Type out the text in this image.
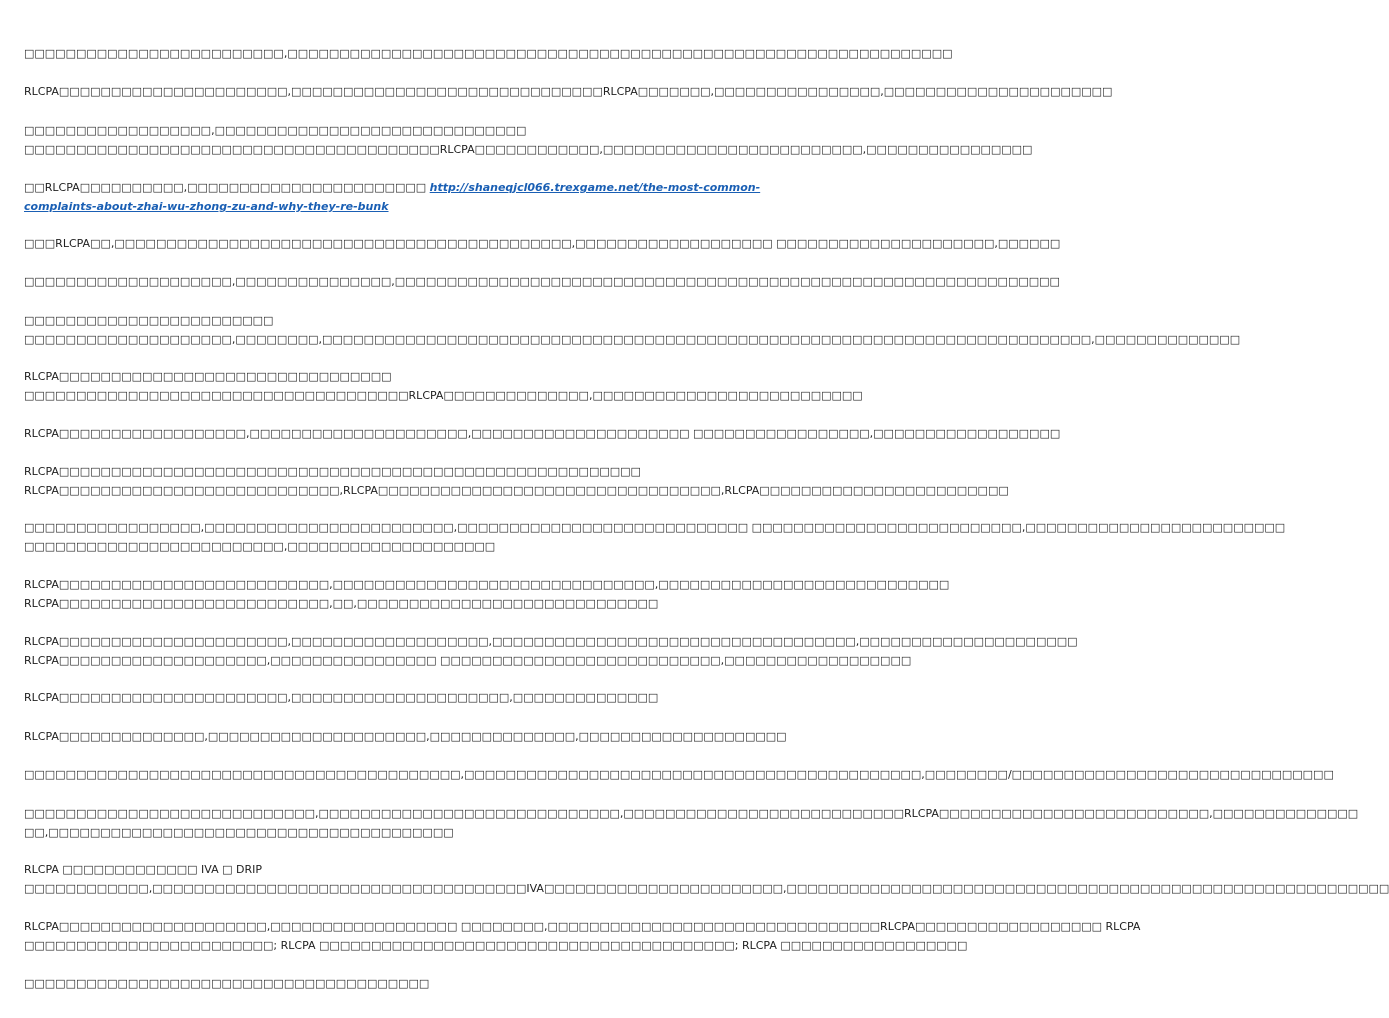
□□□□□□□□□□□□□□□□□□□□□□□□□,□□□□□□□□□□□□□□□□□□□□□□□□□□□□□□□□□□□□□□□□□□□□□□□□□□□□□□□□□□□□□□□□
RLCPA□□□□□□□□□□□□□□□□□□□□□□,□□□□□□□□□□□□□□□□□□□□□□□□□□□□□□RLCPA□□□□□□□,□□□□□□□□□□□□□□□□,□□□□□□□□□□□□□□□□□□□□□□
□□□□□□□□□□□□□□□□□□,□□□□□□□□□□□□□□□□□□□□□□□□□□□□□□
□□□□□□□□□□□□□□□□□□□□□□□□□□□□□□□□□□□□□□□□RLCPA□□□□□□□□□□□□,□□□□□□□□□□□□□□□□□□□□□□□□□,□□□□□□□□□□□□□□□□
□□RLCPA□□□□□□□□□□,□□□□□□□□□□□□□□□□□□□□□□□ http://shaneqjcl066.trexgame.net/the-most-common-
complaints-about-zhai-wu-zhong-zu-and-why-they-re-bunk
□□□RLCPA□□,□□□□□□□□□□□□□□□□□□□□□□□□□□□□□□□□□□□□□□□□□□□□,□□□□□□□□□□□□□□□□□□□ □□□□□□□□□□□□□□□□□□□□□,□□□□□□
□□□□□□□□□□□□□□□□□□□□,□□□□□□□□□□□□□□□,□□□□□□□□□□□□□□□□□□□□□□□□□□□□□□□□□□□□□□□□□□□□□□□□□□□□□□□□□□□□□□□□
□□□□□□□□□□□□□□□□□□□□□□□□
□□□□□□□□□□□□□□□□□□□□,□□□□□□□□,□□□□□□□□□□□□□□□□□□□□□□□□□□□□□□□□□□□□□□□□□□□□□□□□□□□□□□□□□□□□□□□□□□□□□□□□□□,□□□□□□□□□□□□□□
RLCPA□□□□□□□□□□□□□□□□□□□□□□□□□□□□□□□□
□□□□□□□□□□□□□□□□□□□□□□□□□□□□□□□□□□□□□RLCPA□□□□□□□□□□□□□□,□□□□□□□□□□□□□□□□□□□□□□□□□□
RLCPA□□□□□□□□□□□□□□□□□□,□□□□□□□□□□□□□□□□□□□□□,□□□□□□□□□□□□□□□□□□□□□ □□□□□□□□□□□□□□□□□,□□□□□□□□□□□□□□□□□□
RLCPA□□□□□□□□□□□□□□□□□□□□□□□□□□□□□□□□□□□□□□□□□□□□□□□□□□□□□□□□
RLCPA□□□□□□□□□□□□□□□□□□□□□□□□□□□,RLCPA□□□□□□□□□□□□□□□□□□□□□□□□□□□□□□□□□,RLCPA□□□□□□□□□□□□□□□□□□□□□□□□
□□□□□□□□□□□□□□□□□,□□□□□□□□□□□□□□□□□□□□□□□□,□□□□□□□□□□□□□□□□□□□□□□□□□□□□ □□□□□□□□□□□□□□□□□□□□□□□□□□,□□□□□□□□□□□□□□□□□□□□□□□□□
□□□□□□□□□□□□□□□□□□□□□□□□□,□□□□□□□□□□□□□□□□□□□□
RLCPA□□□□□□□□□□□□□□□□□□□□□□□□□□,□□□□□□□□□□□□□□□□□□□□□□□□□□□□□□□,□□□□□□□□□□□□□□□□□□□□□□□□□□□□
RLCPA□□□□□□□□□□□□□□□□□□□□□□□□□□,□□,□□□□□□□□□□□□□□□□□□□□□□□□□□□□□
RLCPA□□□□□□□□□□□□□□□□□□□□□□,□□□□□□□□□□□□□□□□□□□,□□□□□□□□□□□□□□□□□□□□□□□□□□□□□□□□□□□,□□□□□□□□□□□□□□□□□□□□□
RLCPA□□□□□□□□□□□□□□□□□□□□,□□□□□□□□□□□□□□□□ □□□□□□□□□□□□□□□□□□□□□□□□□□□,□□□□□□□□□□□□□□□□□□
RLCPA□□□□□□□□□□□□□□□□□□□□□□,□□□□□□□□□□□□□□□□□□□□□,□□□□□□□□□□□□□□
RLCPA□□□□□□□□□□□□□□,□□□□□□□□□□□□□□□□□□□□□,□□□□□□□□□□□□□□,□□□□□□□□□□□□□□□□□□□□
□□□□□□□□□□□□□□□□□□□□□□□□□□□□□□□□□□□□□□□□□□,□□□□□□□□□□□□□□□□□□□□□□□□□□□□□□□□□□□□□□□□□□□□,□□□□□□□□/□□□□□□□□□□□□□□□□□□□□□□□□□□□□□□□
□□□□□□□□□□□□□□□□□□□□□□□□□□□□,□□□□□□□□□□□□□□□□□□□□□□□□□□□□□,□□□□□□□□□□□□□□□□□□□□□□□□□□□RLCPA□□□□□□□□□□□□□□□□□□□□□□□□□□,□□□□□□□□□□□□□□
□□,□□□□□□□□□□□□□□□□□□□□□□□□□□□□□□□□□□□□□□□
RLCPA □□□□□□□□□□□□□ IVA □ DRIP
□□□□□□□□□□□□,□□□□□□□□□□□□□□□□□□□□□□□□□□□□□□□□□□□□IVA□□□□□□□□□□□□□□□□□□□□□□□,□□□□□□□□□□□□□□□□□□□□□□□□□□□□□□□□□□□□□□□□□□□□□□□□□□□□□□□□□□
RLCPA□□□□□□□□□□□□□□□□□□□□,□□□□□□□□□□□□□□□□□□ □□□□□□□□,□□□□□□□□□□□□□□□□□□□□□□□□□□□□□□□□RLCPA□□□□□□□□□□□□□□□□□□ RLCPA
□□□□□□□□□□□□□□□□□□□□□□□□; RLCPA □□□□□□□□□□□□□□□□□□□□□□□□□□□□□□□□□□□□□□□□; RLCPA □□□□□□□□□□□□□□□□□□
□□□□□□□□□□□□□□□□□□□□□□□□□□□□□□□□□□□□□□□
